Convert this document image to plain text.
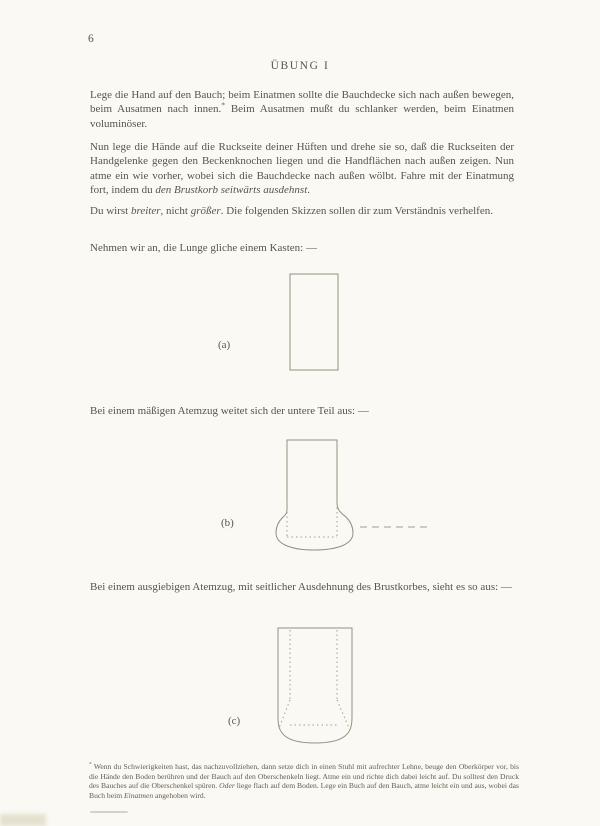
6
ÜBUNG I
Lege die Hand auf den Bauch; beim Einatmen sollte die Bauchdecke sich nach außen bewegen, beim Ausatmen nach innen.* Beim Ausatmen mußt du schlanker werden, beim Einatmen voluminöser.
Nun lege die Hände auf die Ruckseite deiner Hüften und drehe sie so, daß die Ruckseiten der Handgelenke gegen den Beckenknochen liegen und die Handflächen nach außen zeigen. Nun atme ein wie vorher, wobei sich die Bauchdecke nach außen wölbt. Fahre mit der Einatmung fort, indem du den Brustkorb seitwärts ausdehnst.
Du wirst breiter, nicht größer. Die folgenden Skizzen sollen dir zum Verständnis verhelfen.
Nehmen wir an, die Lunge gliche einem Kasten: —
(a)
Bei einem mäßigen Atemzug weitet sich der untere Teil aus: —
(b)
Bei einem ausgiebigen Atemzug, mit seitlicher Ausdehnung des Brustkorbes, sieht es so aus: —
(c)
* Wenn du Schwierigkeiten hast, das nachzuvollziehen, dann setze dich in einen Stuhl mit aufrechter Lehne, beuge den Oberkörper vor, bis die Hände den Boden berühren und der Bauch auf den Oberschenkeln liegt. Atme ein und richte dich dabei leicht auf. Du solltest den Druck des Bauches auf die Oberschenkel spüren. Oder liege flach auf dem Boden. Lege ein Buch auf den Bauch, atme leicht ein und aus, wobei das Buch beim Einatmen angehoben wird.
